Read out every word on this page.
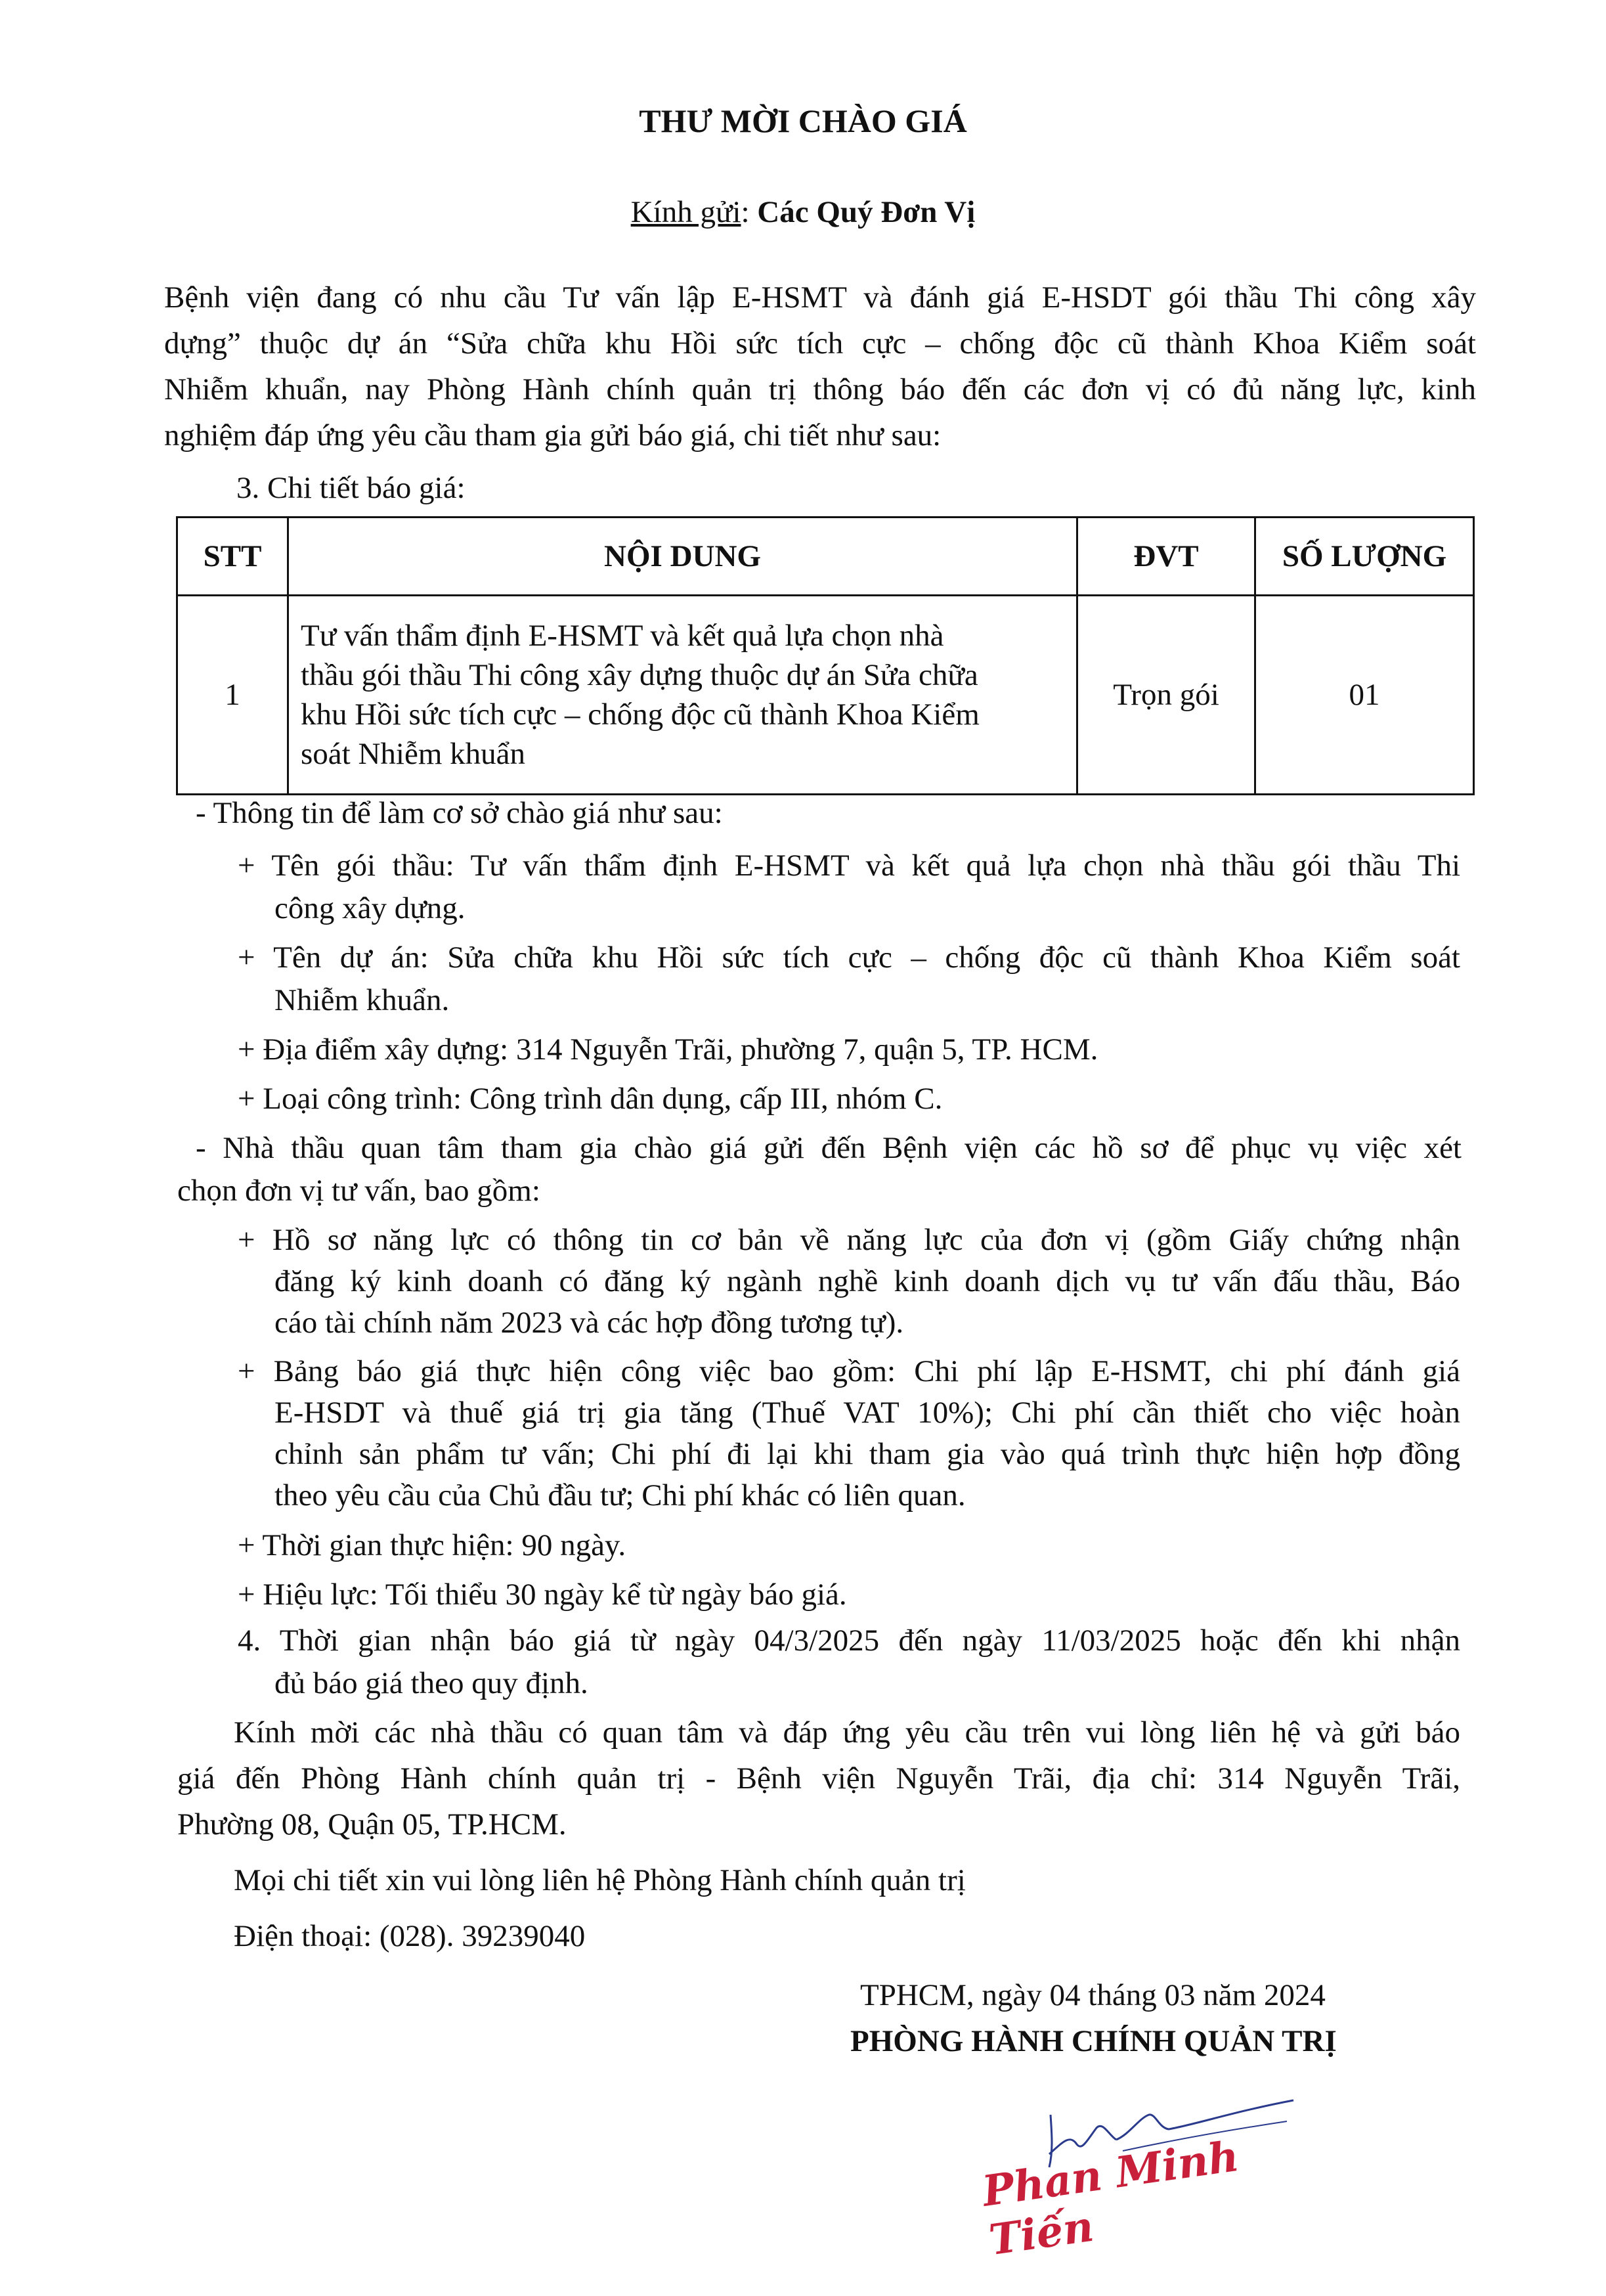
THƯ MỜI CHÀO GIÁ
Kính gửi: Các Quý Đơn Vị
Bệnh viện đang có nhu cầu Tư vấn lập E-HSMT và đánh giá E-HSDT gói thầu Thi công xây
dựng” thuộc dự án “Sửa chữa khu Hồi sức tích cực – chống độc cũ thành Khoa Kiểm soát
Nhiễm khuẩn, nay Phòng Hành chính quản trị thông báo đến các đơn vị có đủ năng lực, kinh
nghiệm đáp ứng yêu cầu tham gia gửi báo giá, chi tiết như sau:
3. Chi tiết báo giá:
STT	NỘI DUNG	ĐVT	SỐ LƯỢNG
1	Tư vấn thẩm định E-HSMT và kết quả lựa chọn nhà
thầu gói thầu Thi công xây dựng thuộc dự án Sửa chữa
khu Hồi sức tích cực – chống độc cũ thành Khoa Kiểm
soát Nhiễm khuẩn	Trọn gói	01
- Thông tin để làm cơ sở chào giá như sau:
+ Tên gói thầu: Tư vấn thẩm định E-HSMT và kết quả lựa chọn nhà thầu gói thầu Thi
công xây dựng.
+ Tên dự án: Sửa chữa khu Hồi sức tích cực – chống độc cũ thành Khoa Kiểm soát
Nhiễm khuẩn.
+ Địa điểm xây dựng: 314 Nguyễn Trãi, phường 7, quận 5, TP. HCM.
+ Loại công trình: Công trình dân dụng, cấp III, nhóm C.
- Nhà thầu quan tâm tham gia chào giá gửi đến Bệnh viện các hồ sơ để phục vụ việc xét
chọn đơn vị tư vấn, bao gồm:
+ Hồ sơ năng lực có thông tin cơ bản về năng lực của đơn vị (gồm Giấy chứng nhận
đăng ký kinh doanh có đăng ký ngành nghề kinh doanh dịch vụ tư vấn đấu thầu, Báo
cáo tài chính năm 2023 và các hợp đồng tương tự).
+ Bảng báo giá thực hiện công việc bao gồm: Chi phí lập E-HSMT, chi phí đánh giá
E-HSDT và thuế giá trị gia tăng (Thuế VAT 10%); Chi phí cần thiết cho việc hoàn
chỉnh sản phẩm tư vấn; Chi phí đi lại khi tham gia vào quá trình thực hiện hợp đồng
theo yêu cầu của Chủ đầu tư; Chi phí khác có liên quan.
+ Thời gian thực hiện: 90 ngày.
+ Hiệu lực: Tối thiểu 30 ngày kể từ ngày báo giá.
4. Thời gian nhận báo giá từ ngày 04/3/2025 đến ngày 11/03/2025 hoặc đến khi nhận
đủ báo giá theo quy định.
Kính mời các nhà thầu có quan tâm và đáp ứng yêu cầu trên vui lòng liên hệ và gửi báo
giá đến Phòng Hành chính quản trị - Bệnh viện Nguyễn Trãi, địa chỉ: 314 Nguyễn Trãi,
Phường 08, Quận 05, TP.HCM.
Mọi chi tiết xin vui lòng liên hệ Phòng Hành chính quản trị
Điện thoại: (028). 39239040
TPHCM, ngày 04 tháng 03 năm 2024
PHÒNG HÀNH CHÍNH QUẢN TRỊ
Phan Minh Tiến
